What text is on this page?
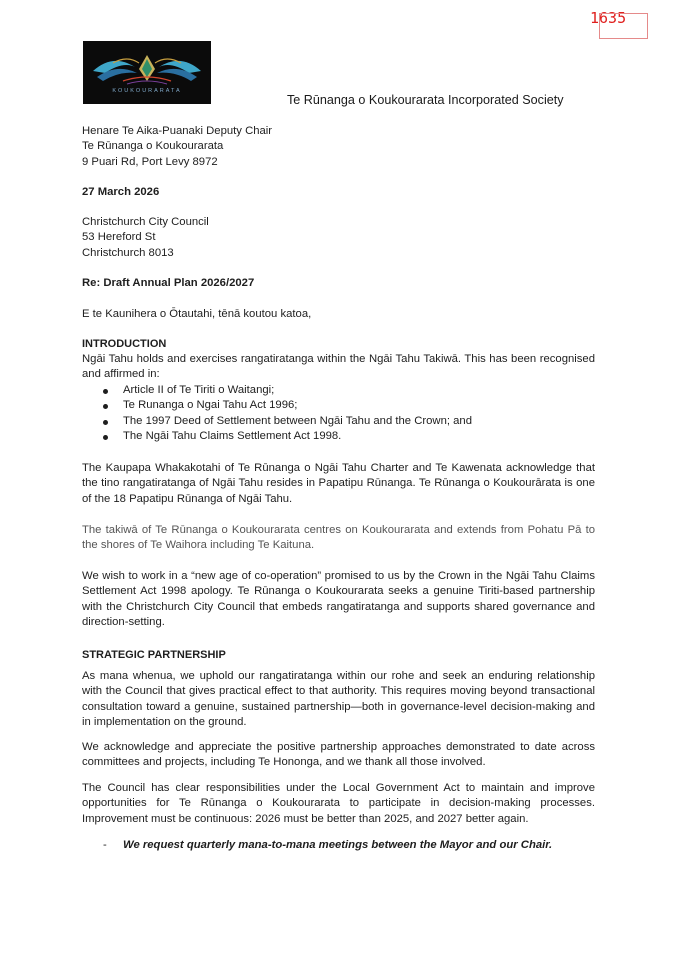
1635
KOUKOURARATA
Te Rūnanga o Koukourarata Incorporated Society
Henare Te Aika-Puanaki Deputy Chair
Te Rūnanga o Koukourarata
9 Puari Rd, Port Levy 8972
27 March 2026
Christchurch City Council
53 Hereford St
Christchurch 8013
Re: Draft Annual Plan 2026/2027
E te Kaunihera o Ōtautahi, tēnā koutou katoa,
INTRODUCTION
Ngāi Tahu holds and exercises rangatiratanga within the Ngāi Tahu Takiwā. This has been recognised and affirmed in:
Article II of Te Tiriti o Waitangi;
Te Runanga o Ngai Tahu Act 1996;
The 1997 Deed of Settlement between Ngāi Tahu and the Crown; and
The Ngāi Tahu Claims Settlement Act 1998.
The Kaupapa Whakakotahi of Te Rūnanga o Ngāi Tahu Charter and Te Kawenata acknowledge that the tino rangatiratanga of Ngāi Tahu resides in Papatipu Rūnanga. Te Rūnanga o Koukourārata is one of the 18 Papatipu Rūnanga of Ngāi Tahu.
The takiwā of Te Rūnanga o Koukourarata centres on Koukourarata and extends from Pohatu Pā to the shores of Te Waihora including Te Kaituna.
We wish to work in a “new age of co-operation” promised to us by the Crown in the Ngāi Tahu Claims Settlement Act 1998 apology. Te Rūnanga o Koukourarata seeks a genuine Tiriti-based partnership with the Christchurch City Council that embeds rangatiratanga and supports shared governance and direction-setting.
STRATEGIC PARTNERSHIP
As mana whenua, we uphold our rangatiratanga within our rohe and seek an enduring relationship with the Council that gives practical effect to that authority. This requires moving beyond transactional consultation toward a genuine, sustained partnership—both in governance-level decision-making and in implementation on the ground.
We acknowledge and appreciate the positive partnership approaches demonstrated to date across committees and projects, including Te Hononga, and we thank all those involved.
The Council has clear responsibilities under the Local Government Act to maintain and improve opportunities for Te Rūnanga o Koukourarata to participate in decision-making processes. Improvement must be continuous: 2026 must be better than 2025, and 2027 better again.
- We request quarterly mana-to-mana meetings between the Mayor and our Chair.
